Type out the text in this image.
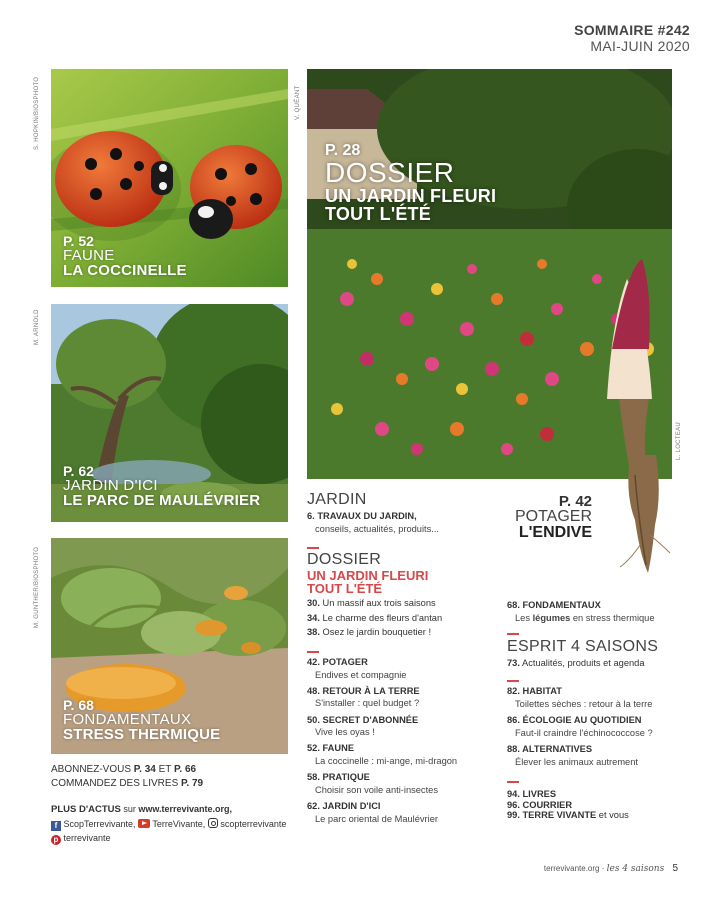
SOMMAIRE #242
MAI-JUIN 2020
S. HOPKIN/BIOSPHOTO
P. 52
FAUNE
LA COCCINELLE
M. ARNOLD
P. 62
JARDIN D'ICI
LE PARC DE MAULÉVRIER
M. GUNTHER/BIOSPHOTO
P. 68
FONDAMENTAUX
STRESS THERMIQUE
V. QUÉANT
P. 28
DOSSIER
UN JARDIN FLEURI
TOUT L'ÉTÉ
L. LOCTEAU
P. 42
POTAGER
L'ENDIVE
ABONNEZ-VOUS P. 34 ET P. 66
COMMANDEZ DES LIVRES P. 79
PLUS D'ACTUS sur www.terrevivante.org,
f ScopTerrevivante, TerreVivante, scopterrevivante
p terrevivante
JARDIN
6. TRAVAUX DU JARDIN,
conseils, actualités, produits...
DOSSIER
UN JARDIN FLEURI
TOUT L'ÉTÉ
30. Un massif aux trois saisons
34. Le charme des fleurs d'antan
38. Osez le jardin bouquetier !
42. POTAGER
Endives et compagnie
48. RETOUR À LA TERRE
S'installer : quel budget ?
50. SECRET D'ABONNÉE
Vive les oyas !
52. FAUNE
La coccinelle : mi-ange, mi-dragon
58. PRATIQUE
Choisir son voile anti-insectes
62. JARDIN D'ICI
Le parc oriental de Maulévrier
68. FONDAMENTAUX
Les légumes en stress thermique
ESPRIT 4 SAISONS
73. Actualités, produits et agenda
82. HABITAT
Toilettes sèches : retour à la terre
86. ÉCOLOGIE AU QUOTIDIEN
Faut-il craindre l'échinococcose ?
88. ALTERNATIVES
Élever les animaux autrement
94. LIVRES
96. COURRIER
99. TERRE VIVANTE et vous
terrevivante.org · les 4 saisons 5
